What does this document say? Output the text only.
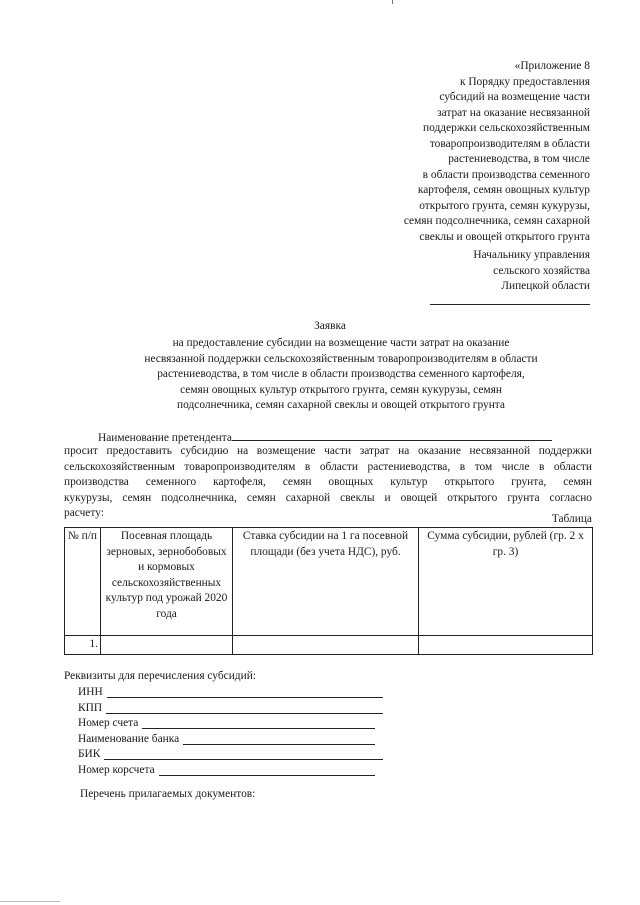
«Приложение 8
к Порядку предоставления
субсидий на возмещение части
затрат на оказание несвязанной
поддержки сельскохозяйственным
товаропроизводителям в области
растениеводства, в том числе
в области производства семенного
картофеля, семян овощных культур
открытого грунта, семян кукурузы,
семян подсолнечника, семян сахарной
свеклы и овощей открытого грунта
Начальнику управления
сельского хозяйства
Липецкой области
Заявка
на предоставление субсидии на возмещение части затрат на оказание
несвязанной поддержки сельскохозяйственным товаропроизводителям в области
растениеводства, в том числе в области производства семенного картофеля,
семян овощных культур открытого грунта, семян кукурузы, семян
подсолнечника, семян сахарной свеклы и овощей открытого грунта
Наименование претендента
просит предоставить субсидию на возмещение части затрат на оказание несвязанной поддержки
сельскохозяйственным товаропроизводителям в области растениеводства, в том числе в области
производства семенного картофеля, семян овощных культур открытого грунта, семян
кукурузы, семян подсолнечника, семян сахарной свеклы и овощей открытого грунта согласно
расчету:	Таблица
№ п/п	Посевная площадь зерновых, зернобобовых и кормовых сельскохозяйственных культур под урожай 2020 года	Ставка субсидии на 1 га посевной площади (без учета НДС), руб.	Сумма субсидии, рублей (гр. 2 x гр. 3)
1.			
Реквизиты для перечисления субсидий:
ИНН
КПП
Номер счета
Наименование банка
БИК
Номер корсчета
Перечень прилагаемых документов:
